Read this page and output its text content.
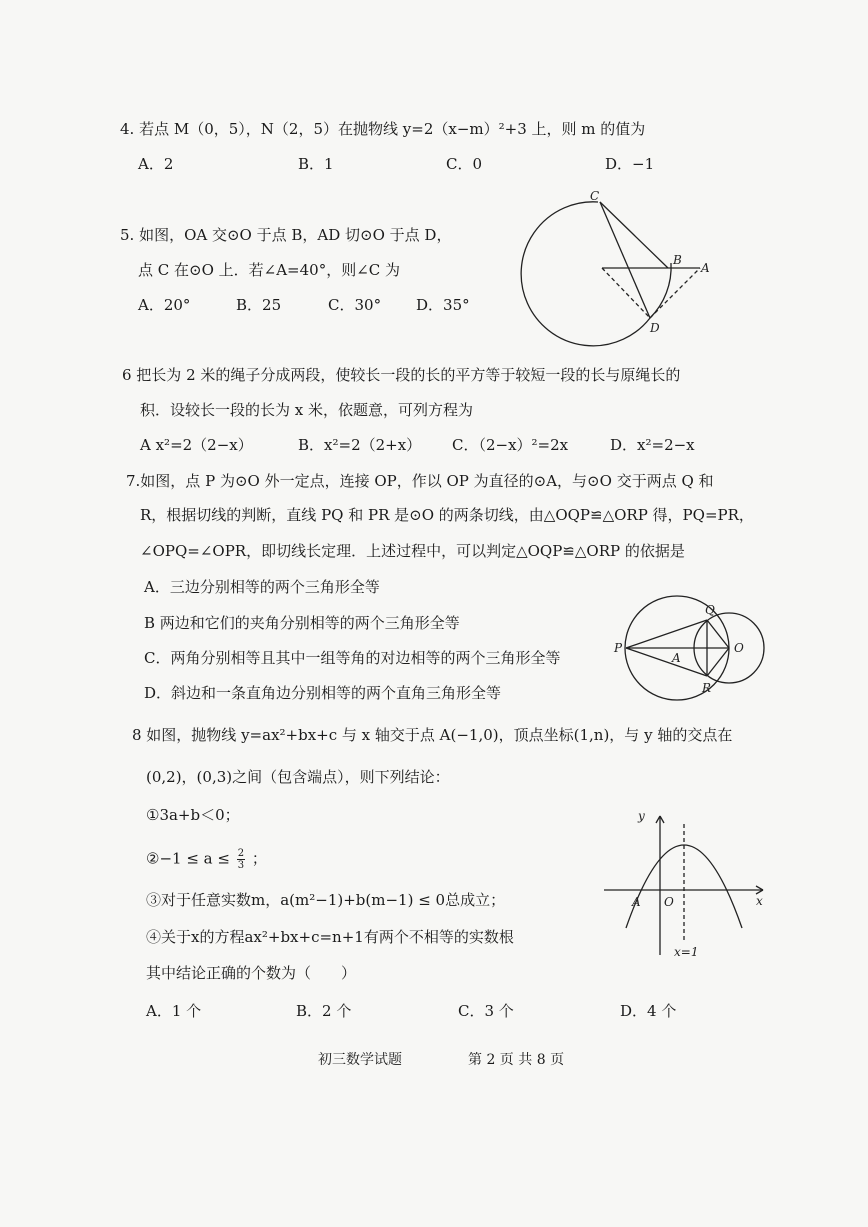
4. 若点 M（0，5），N（2，5）在抛物线 y=2（x−m）²+3 上，则 m 的值为
A．2	B．1	C．0	D．−1
5. 如图，OA 交⊙O 于点 B，AD 切⊙O 于点 D，
点 C 在⊙O 上．若∠A=40°，则∠C 为
A．20°	B．25	C．30° D．35°
C
B
A
D
6 把长为 2 米的绳子分成两段，使较长一段的长的平方等于较短一段的长与原绳长的
积．设较长一段的长为 x 米，依题意，可列方程为
A x²=2（2−x）	B．x²=2（2+x） C．（2−x）²=2x	D．x²=2−x
7.如图，点 P 为⊙O 外一定点，连接 OP，作以 OP 为直径的⊙A，与⊙O 交于两点 Q 和
R，根据切线的判断，直线 PQ 和 PR 是⊙O 的两条切线，由△OQP≌△ORP 得，PQ=PR，
∠OPQ=∠OPR，即切线长定理．上述过程中，可以判定△OQP≌△ORP 的依据是
A．三边分别相等的两个三角形全等
B 两边和它们的夹角分别相等的两个三角形全等
C．两角分别相等且其中一组等角的对边相等的两个三角形全等
D．斜边和一条直角边分别相等的两个直角三角形全等
Q
P
A
O
R
8 如图，抛物线 y=ax²+bx+c 与 x 轴交于点 A(−1,0)，顶点坐标(1,n)，与 y 轴的交点在
(0,2)，(0,3)之间（包含端点），则下列结论：
①3a+b＜0；
②−1 ≤ $a \le \frac{2}{3}$ ；
③对于任意实数m，a(m²−1)+b(m−1) ≤ 0总成立；
④关于x的方程ax²+bx+c=n+1有两个不相等的实数根
其中结论正确的个数为（　　）
A．1 个	B．2 个	C．3 个	D．4 个
y
A O	x
x=1
初三数学试题	第 2 页 共 8 页
